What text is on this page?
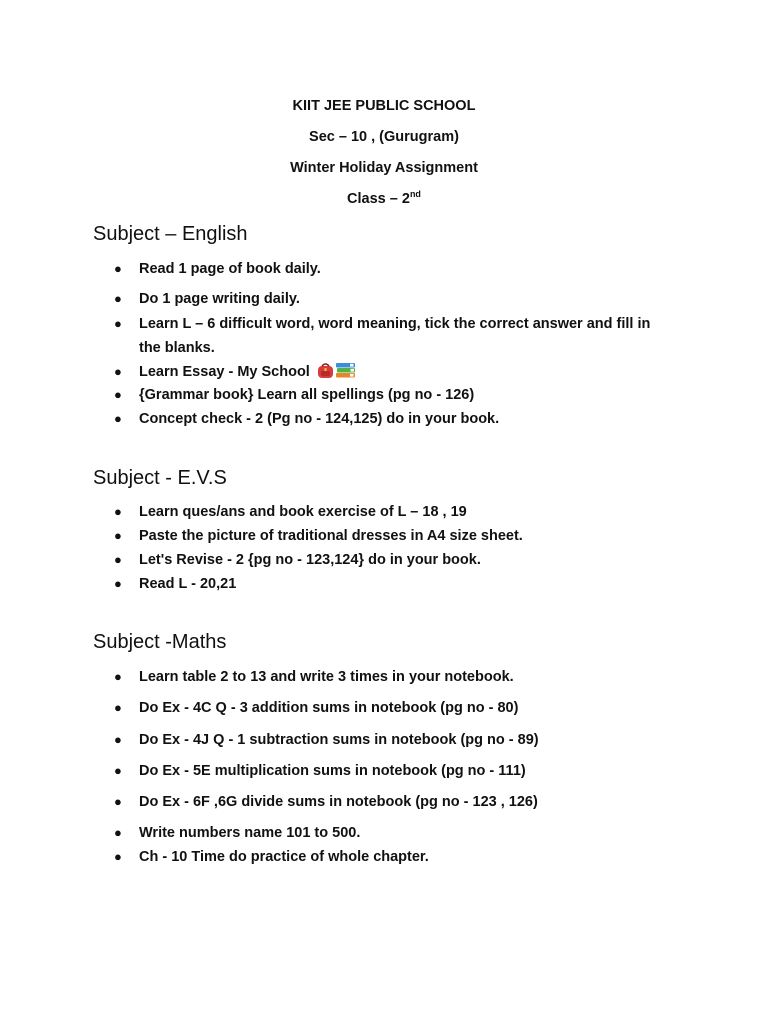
KIIT JEE PUBLIC SCHOOL
Sec – 10 , (Gurugram)
Winter Holiday Assignment
Class – 2nd
Subject – English
●	Read 1 page of book daily.
●	Do 1 page writing daily.
●	Learn L – 6 difficult word, word meaning, tick the correct answer and fill in the blanks.
●	Learn Essay - My School
●	{Grammar book} Learn all spellings (pg no - 126)
●	Concept check - 2 (Pg no - 124,125) do in your book.
Subject - E.V.S
●	Learn ques/ans and book exercise of L – 18 , 19
●	Paste the picture of traditional dresses in A4 size sheet.
●	Let's Revise - 2 {pg no - 123,124} do in your book.
●	Read L - 20,21
Subject -Maths
●	Learn table 2 to 13 and write 3 times in your notebook.
●	Do Ex - 4C Q - 3 addition sums in notebook (pg no - 80)
●	Do Ex - 4J Q - 1 subtraction sums in notebook (pg no - 89)
●	Do Ex - 5E multiplication sums in notebook (pg no - 111)
●	Do Ex - 6F ,6G divide sums in notebook (pg no - 123 , 126)
●	Write numbers name 101 to 500.
●	Ch - 10 Time do practice of whole chapter.
